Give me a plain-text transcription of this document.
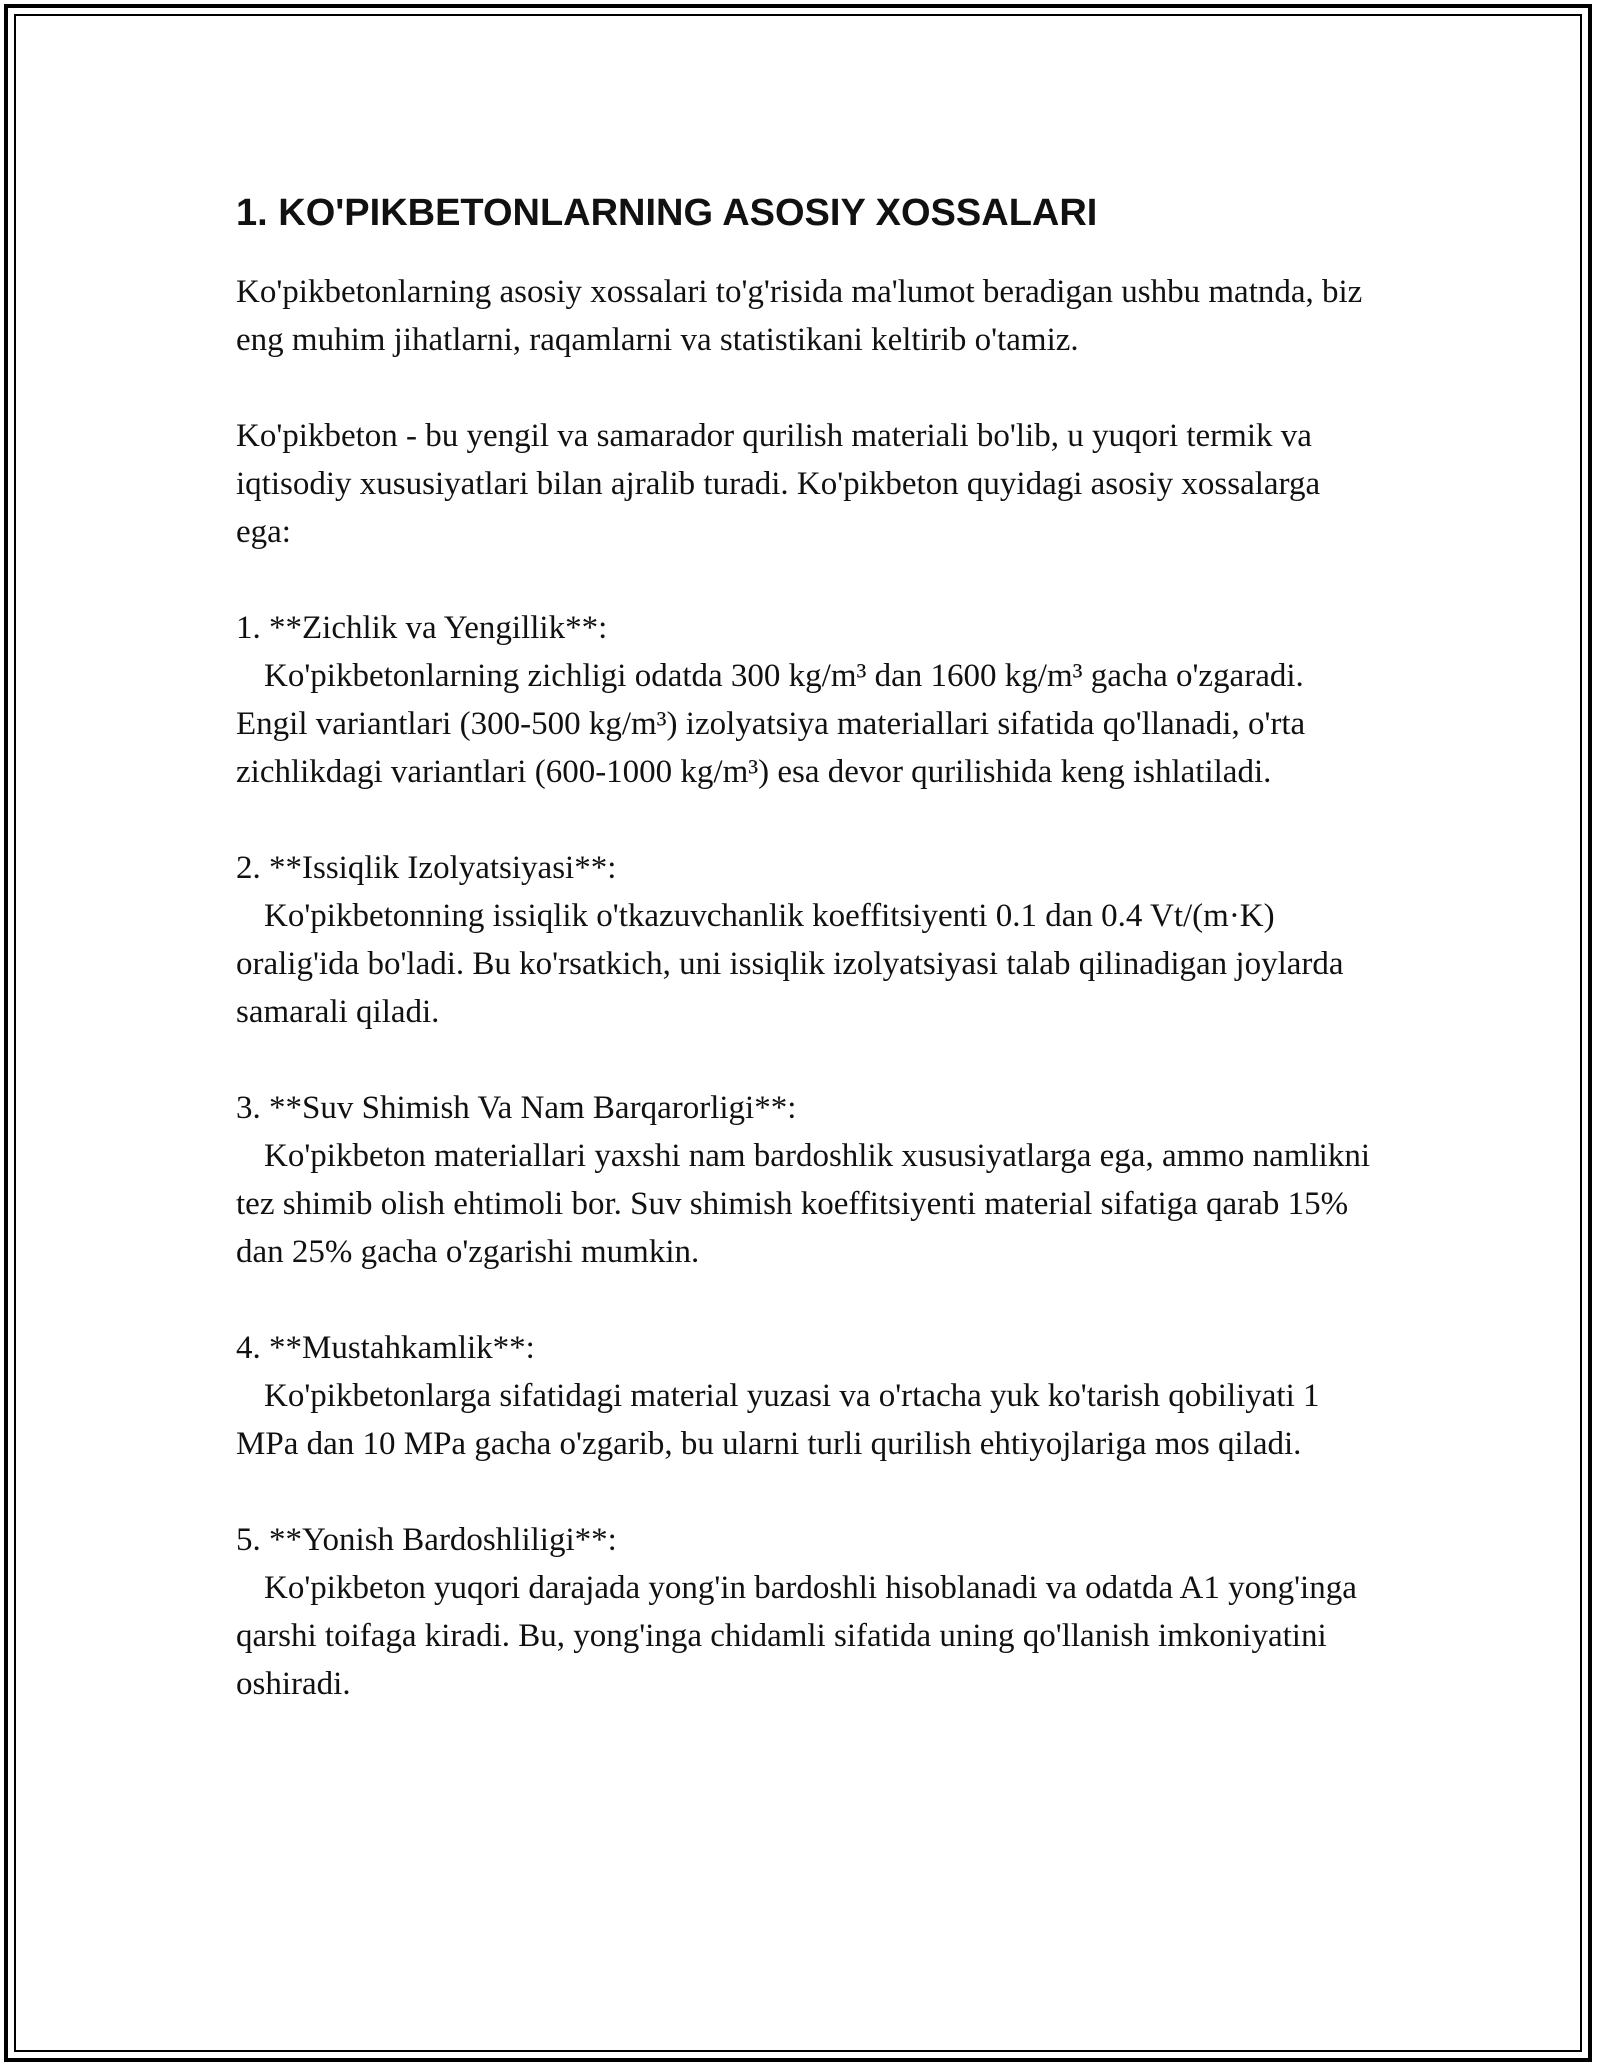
1. KO'PIKBETONLARNING ASOSIY XOSSALARI

Ko'pikbetonlarning asosiy xossalari to'g'risida ma'lumot beradigan ushbu matnda, biz eng muhim jihatlarni, raqamlarni va statistikani keltirib o'tamiz.

Ko'pikbeton - bu yengil va samarador qurilish materiali bo'lib, u yuqori termik va iqtisodiy xususiyatlari bilan ajralib turadi. Ko'pikbeton quyidagi asosiy xossalarga ega:

1. **Zichlik va Yengillik**:

Ko'pikbetonlarning zichligi odatda 300 kg/m³ dan 1600 kg/m³ gacha o'zgaradi. Engil variantlari (300-500 kg/m³) izolyatsiya materiallari sifatida qo'llanadi, o'rta zichlikdagi variantlari (600-1000 kg/m³) esa devor qurilishida keng ishlatiladi.

2. **Issiqlik Izolyatsiyasi**:

Ko'pikbetonning issiqlik o'tkazuvchanlik koeffitsiyenti 0.1 dan 0.4 Vt/(m·K) oralig'ida bo'ladi. Bu ko'rsatkich, uni issiqlik izolyatsiyasi talab qilinadigan joylarda samarali qiladi.

3. **Suv Shimish Va Nam Barqarorligi**:

Ko'pikbeton materiallari yaxshi nam bardoshlik xususiyatlarga ega, ammo namlikni tez shimib olish ehtimoli bor. Suv shimish koeffitsiyenti material sifatiga qarab 15% dan 25% gacha o'zgarishi mumkin.

4. **Mustahkamlik**:

Ko'pikbetonlarga sifatidagi material yuzasi va o'rtacha yuk ko'tarish qobiliyati 1 MPa dan 10 MPa gacha o'zgarib, bu ularni turli qurilish ehtiyojlariga mos qiladi.

5. **Yonish Bardoshliligi**:

Ko'pikbeton yuqori darajada yong'in bardoshli hisoblanadi va odatda A1 yong'inga qarshi toifaga kiradi. Bu, yong'inga chidamli sifatida uning qo'llanish imkoniyatini oshiradi.
